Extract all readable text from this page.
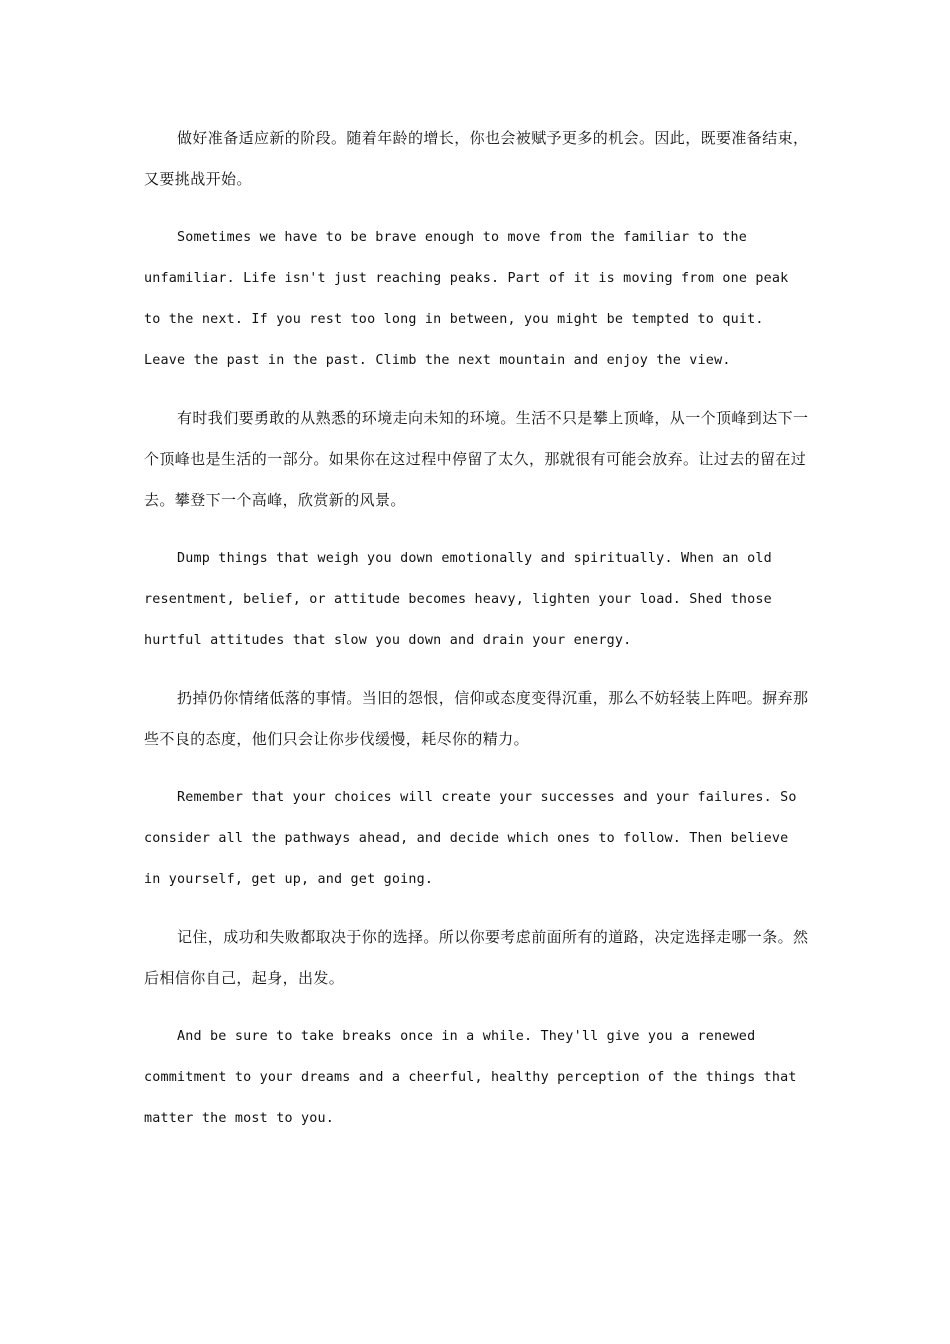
做好准备适应新的阶段。随着年龄的增长，你也会被赋予更多的机会。因此，既要准备结束，又要挑战开始。

Sometimes we have to be brave enough to move from the familiar to the unfamiliar. Life isn't just reaching peaks. Part of it is moving from one peak to the next. If you rest too long in between, you might be tempted to quit. Leave the past in the past. Climb the next mountain and enjoy the view.

有时我们要勇敢的从熟悉的环境走向未知的环境。生活不只是攀上顶峰，从一个顶峰到达下一个顶峰也是生活的一部分。如果你在这过程中停留了太久，那就很有可能会放弃。让过去的留在过去。攀登下一个高峰，欣赏新的风景。

Dump things that weigh you down emotionally and spiritually. When an old resentment, belief, or attitude becomes heavy, lighten your load. Shed those hurtful attitudes that slow you down and drain your energy.

扔掉仍你情绪低落的事情。当旧的怨恨，信仰或态度变得沉重，那么不妨轻装上阵吧。摒弃那些不良的态度，他们只会让你步伐缓慢，耗尽你的精力。

Remember that your choices will create your successes and your failures. So consider all the pathways ahead, and decide which ones to follow. Then believe in yourself, get up, and get going.

记住，成功和失败都取决于你的选择。所以你要考虑前面所有的道路，决定选择走哪一条。然后相信你自己，起身，出发。

And be sure to take breaks once in a while. They'll give you a renewed commitment to your dreams and a cheerful, healthy perception of the things that matter the most to you.
